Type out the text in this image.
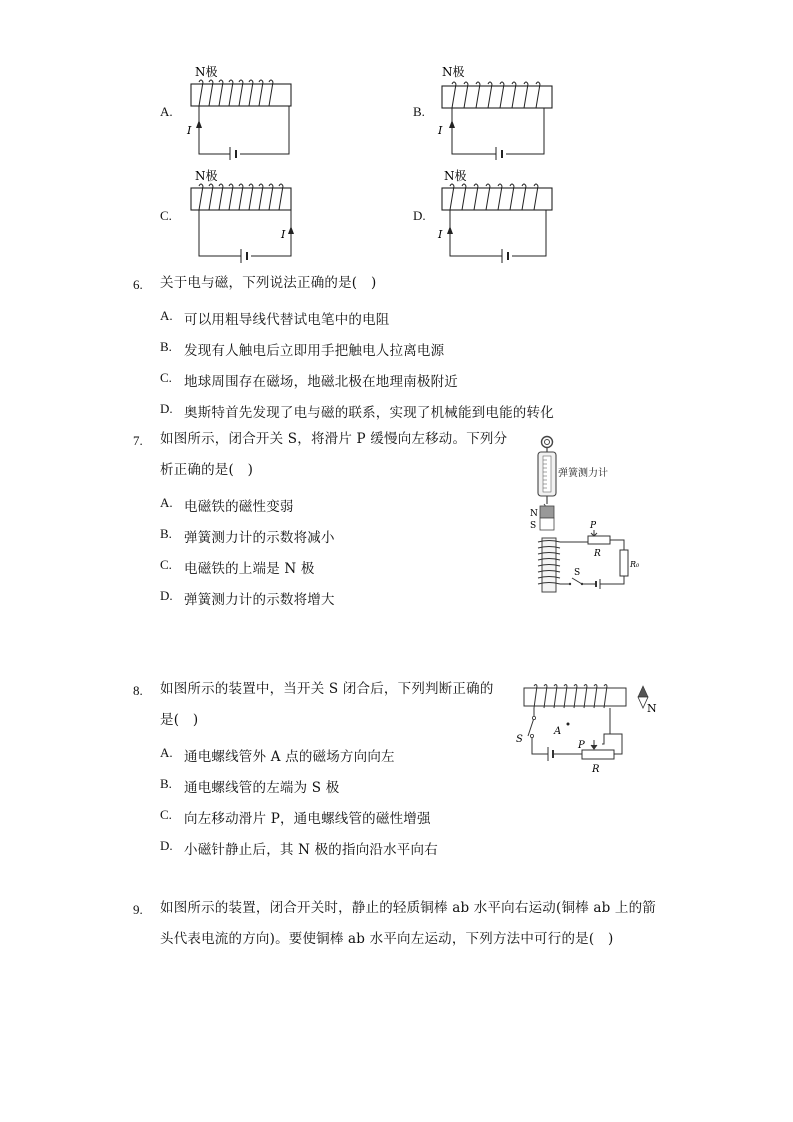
A.	B.
C.	D.
N极
I
N极
I
N极
I
N极
I
6. 关于电与磁，下列说法正确的是(　)
A. 可以用粗导线代替试电笔中的电阻
B. 发现有人触电后立即用手把触电人拉离电源
C. 地球周围存在磁场，地磁北极在地理南极附近
D. 奥斯特首先发现了电与磁的联系，实现了机械能到电能的转化
7. 如图所示，闭合开关 S，将滑片 P 缓慢向左移动。下列分
析正确的是(　)
A. 电磁铁的磁性变弱
B. 弹簧测力计的示数将减小
C. 电磁铁的上端是 N 极
D. 弹簧测力计的示数将增大
弹簧测力计
N
S	P
R
R₀
S
8. 如图所示的装置中，当开关 S 闭合后，下列判断正确的
是(　)
A. 通电螺线管外 A 点的磁场方向向左
B. 通电螺线管的左端为 S 极
C. 向左移动滑片 P，通电螺线管的磁性增强
D. 小磁针静止后，其 N 极的指向沿水平向右
A
S
P
R
N
9. 如图所示的装置，闭合开关时，静止的轻质铜棒 ab 水平向右运动(铜棒 ab 上的箭
头代表电流的方向)。要使铜棒 ab 水平向左运动，下列方法中可行的是(　)
